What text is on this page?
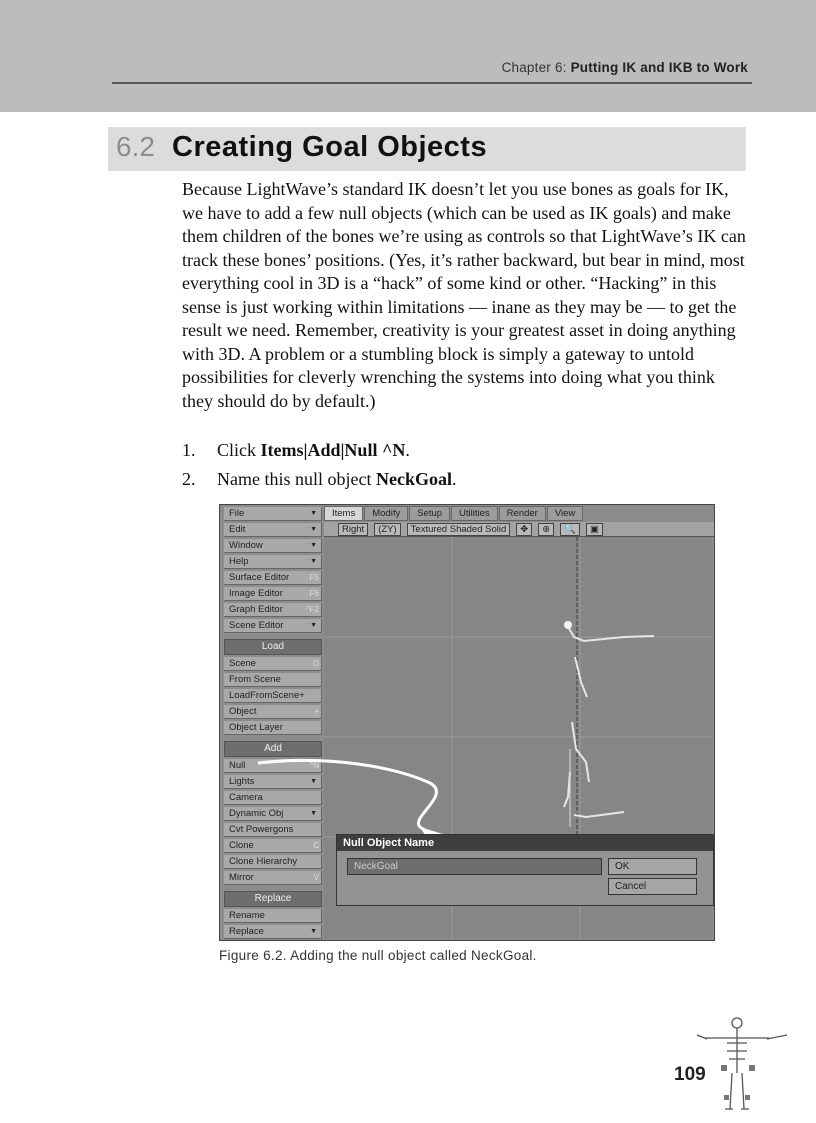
Chapter 6: Putting IK and IKB to Work
6.2 Creating Goal Objects

Because LightWave’s standard IK doesn’t let you use bones as goals for IK, we have to add a few null objects (which can be used as IK goals) and make them children of the bones we’re using as controls so that LightWave’s IK can track these bones’ positions. (Yes, it’s rather backward, but bear in mind, most everything cool in 3D is a “hack” of some kind or other. “Hacking” in this sense is just working within limitations — inane as they may be — to get the result we need. Remember, creativity is your greatest asset in doing anything with 3D. A problem or a stumbling block is simply a gateway to untold possibilities for cleverly wrenching the systems into doing what you think they should do by default.)

1.	Click Items|Add|Null ^N.
2.	Name this null object NeckGoal.
File	▼
Edit	▼
Window	▼
Help	▼
Surface Editor	F5
Image Editor	F6
Graph Editor	^F2
Scene Editor	▼
Load
Scene	O
From Scene
LoadFromScene+
Object	+
Object Layer
Add
Null	^N
Lights	▼
Camera
Dynamic Obj	▼
Cvt Powergons
Clone	C
Clone Hierarchy
Mirror	V
Replace
Rename
Replace	▼
Items	Modify	Setup	Utilities	Render	View
Right	(ZY)	Textured Shaded Solid	✥	⊕	🔍	▣
Null Object Name
NeckGoal	OK
Cancel
Figure 6.2. Adding the null object called NeckGoal.
109
